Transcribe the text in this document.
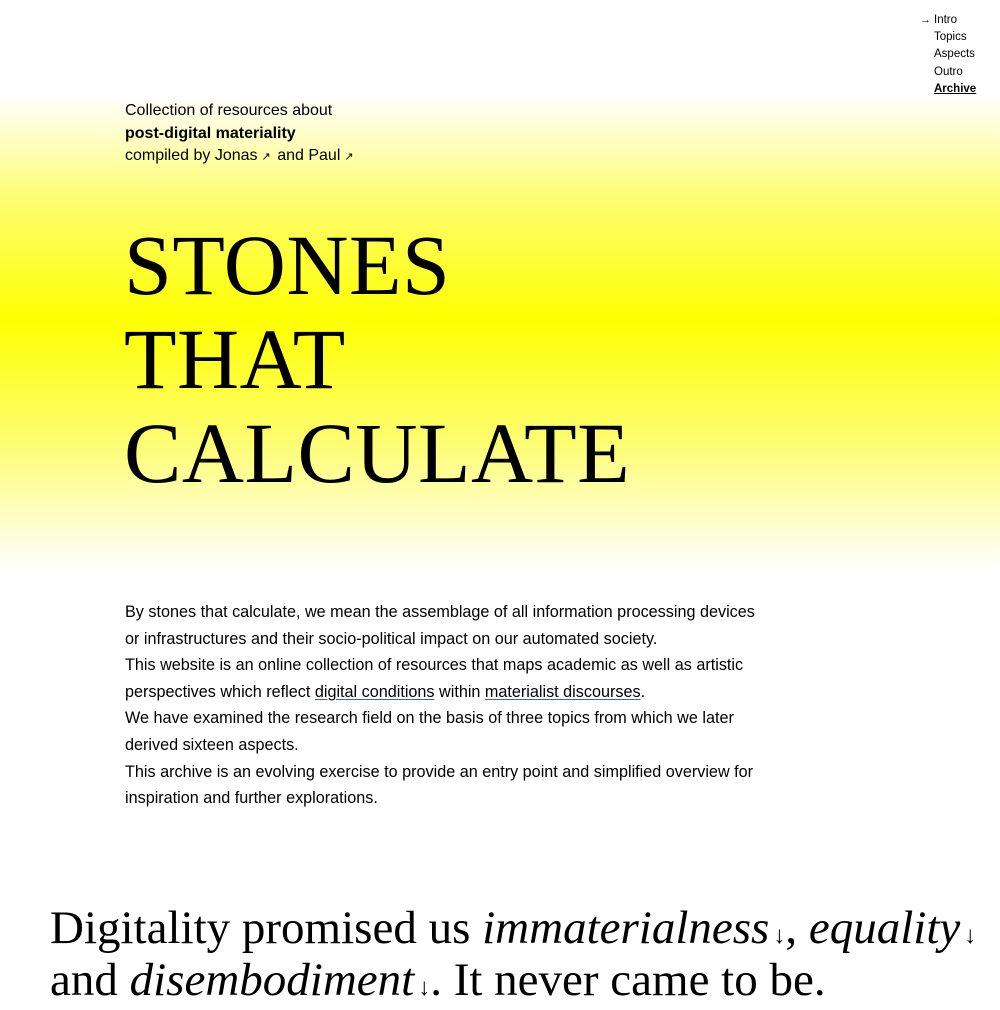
→ Intro
Topics
Aspects
Outro
Archive
Collection of resources about
post-digital materiality
compiled by Jonas ↗ and Paul ↗
STONES
THAT
CALCULATE

By stones that calculate, we mean the assemblage of all information processing devices or infrastructures and their socio-political impact on our automated society.

This website is an online collection of resources that maps academic as well as artistic perspectives which reflect digital conditions within materialist discourses.

We have examined the research field on the basis of three topics from which we later derived sixteen aspects.

This archive is an evolving exercise to provide an entry point and simplified overview for inspiration and further explorations.

Digitality promised us immaterialness ↓, equality ↓
and disembodiment ↓. It never came to be.
